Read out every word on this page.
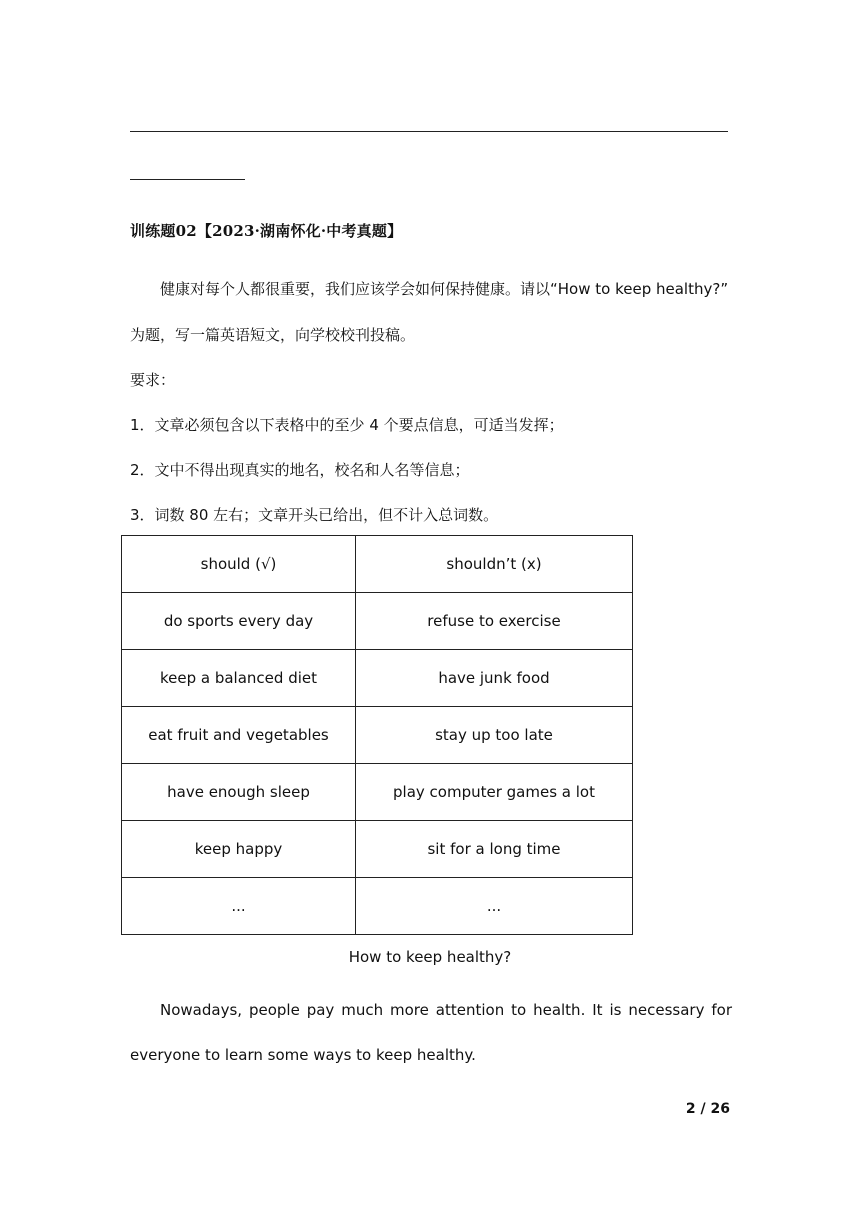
训练题02【2023·湖南怀化·中考真题】
健康对每个人都很重要，我们应该学会如何保持健康。请以“How to keep healthy?”
为题，写一篇英语短文，向学校校刊投稿。
要求：
1．文章必须包含以下表格中的至少 4 个要点信息，可适当发挥；
2．文中不得出现真实的地名，校名和人名等信息；
3．词数 80 左右；文章开头已给出，但不计入总词数。
should (√)	shouldn’t (x)
do sports every day	refuse to exercise
keep a balanced diet	have junk food
eat fruit and vegetables	stay up too late
have enough sleep	play computer games a lot
keep happy	sit for a long time
...	...
How to keep healthy?
Nowadays, people pay much more attention to health. It is necessary for everyone to learn some ways to keep healthy.
2 / 26
